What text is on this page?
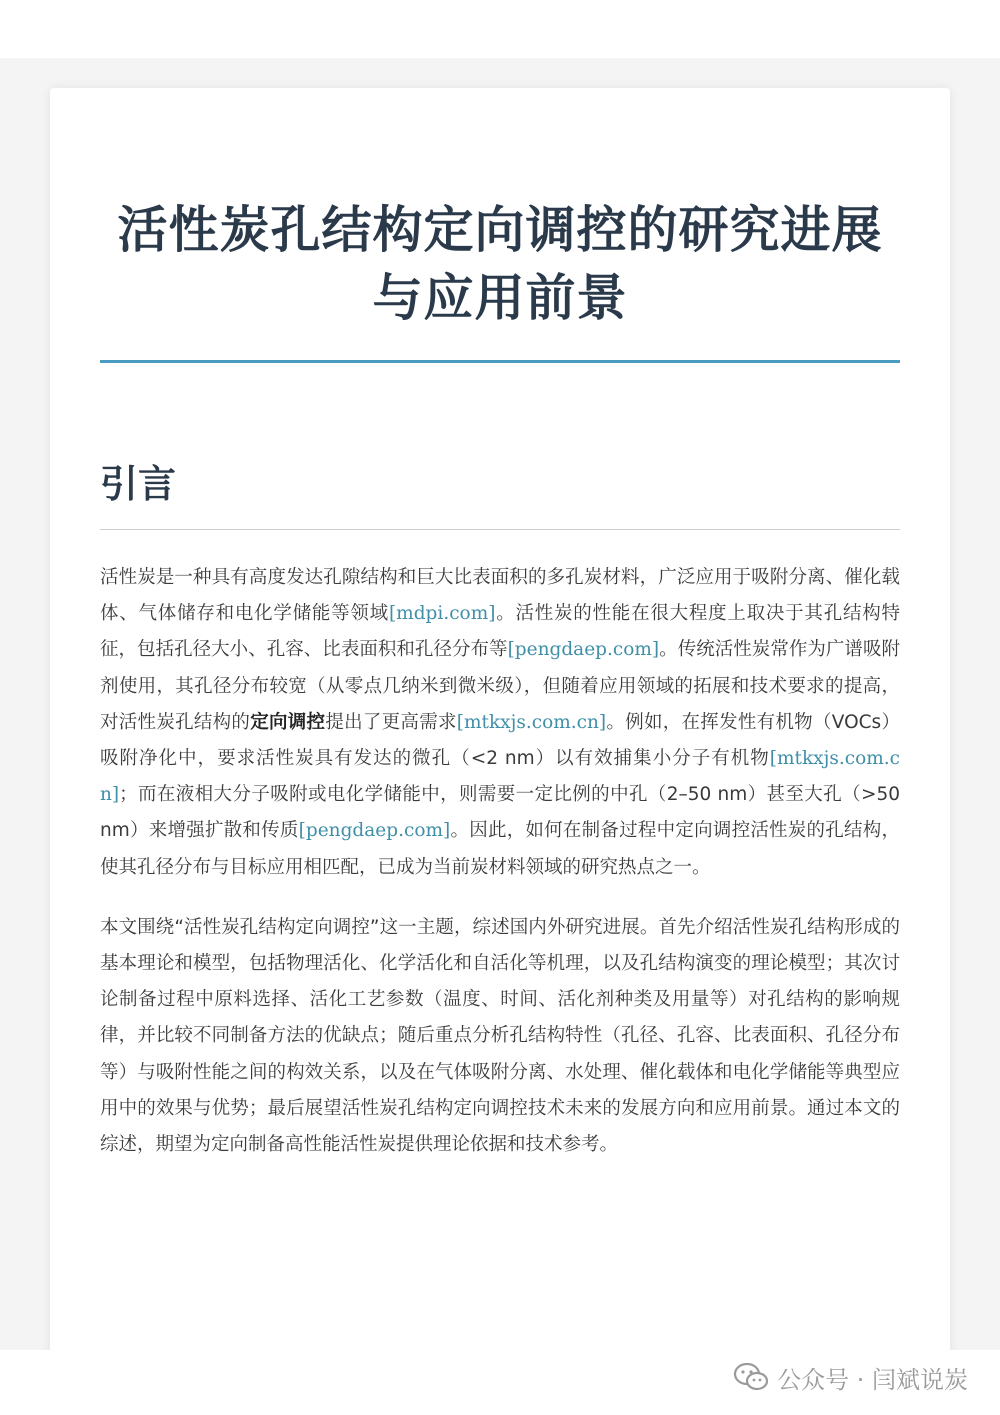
活性炭孔结构定向调控的研究进展与应用前景
引言

活性炭是一种具有高度发达孔隙结构和巨大比表面积的多孔炭材料，广泛应用于吸附分离、催化载体、气体储存和电化学储能等领域[mdpi.com]。活性炭的性能在很大程度上取决于其孔结构特征，包括孔径大小、孔容、比表面积和孔径分布等[pengdaep.com]。传统活性炭常作为广谱吸附剂使用，其孔径分布较宽（从零点几纳米到微米级），但随着应用领域的拓展和技术要求的提高，对活性炭孔结构的定向调控提出了更高需求[mtkxjs.com.cn]。例如，在挥发性有机物（VOCs）吸附净化中，要求活性炭具有发达的微孔（<2 nm）以有效捕集小分子有机物[mtkxjs.com.cn]；而在液相大分子吸附或电化学储能中，则需要一定比例的中孔（2–50 nm）甚至大孔（>50 nm）来增强扩散和传质[pengdaep.com]。因此，如何在制备过程中定向调控活性炭的孔结构，使其孔径分布与目标应用相匹配，已成为当前炭材料领域的研究热点之一。

本文围绕“活性炭孔结构定向调控”这一主题，综述国内外研究进展。首先介绍活性炭孔结构形成的基本理论和模型，包括物理活化、化学活化和自活化等机理，以及孔结构演变的理论模型；其次讨论制备过程中原料选择、活化工艺参数（温度、时间、活化剂种类及用量等）对孔结构的影响规律，并比较不同制备方法的优缺点；随后重点分析孔结构特性（孔径、孔容、比表面积、孔径分布等）与吸附性能之间的构效关系，以及在气体吸附分离、水处理、催化载体和电化学储能等典型应用中的效果与优势；最后展望活性炭孔结构定向调控技术未来的发展方向和应用前景。通过本文的综述，期望为定向制备高性能活性炭提供理论依据和技术参考。

公众号 · 闫斌说炭
